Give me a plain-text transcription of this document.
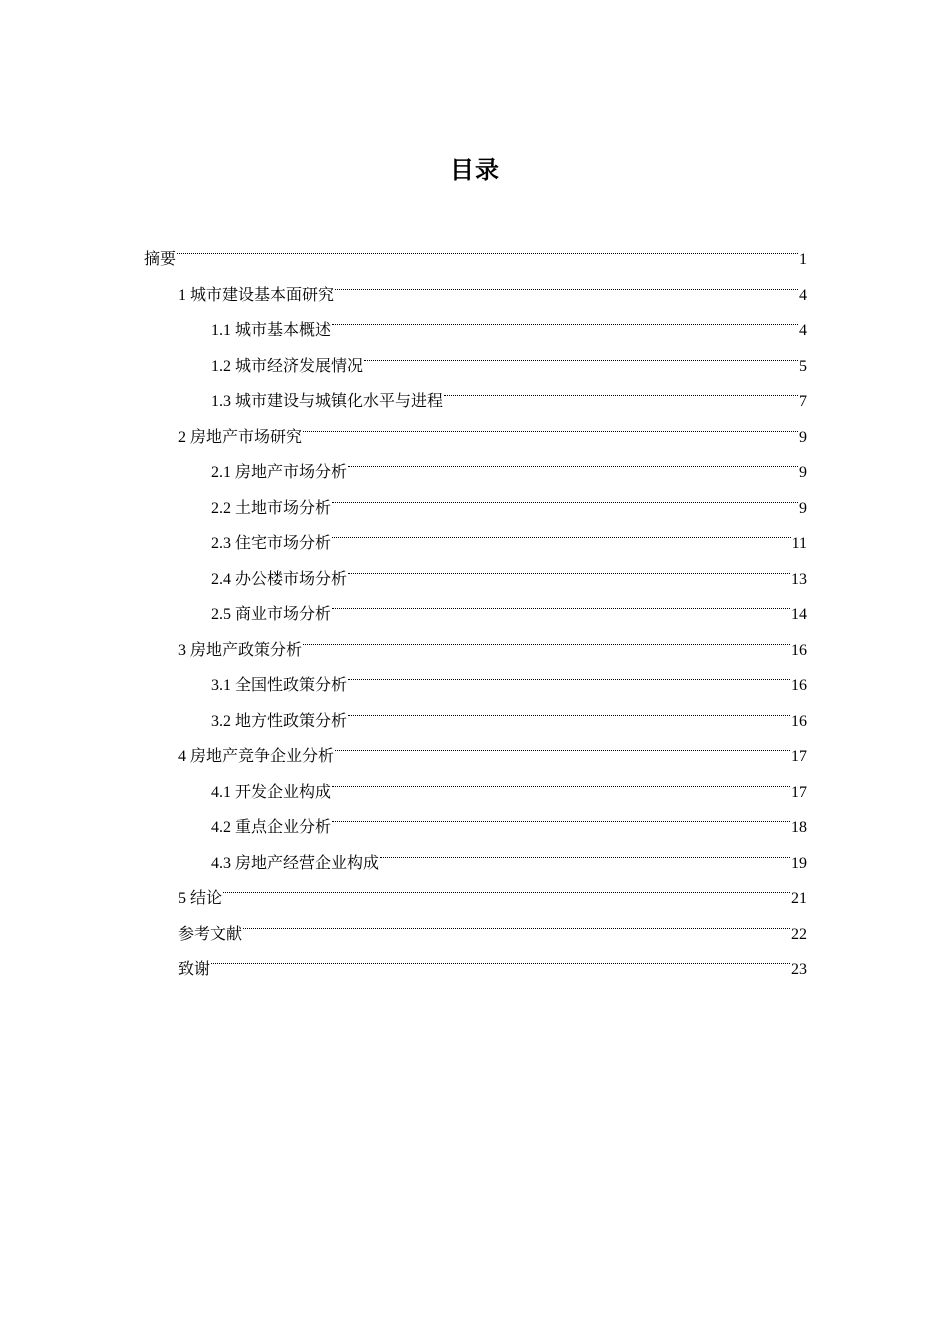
目录
摘要	1
1 城市建设基本面研究	4
1.1 城市基本概述	4
1.2 城市经济发展情况	5
1.3 城市建设与城镇化水平与进程	7
2 房地产市场研究	9
2.1 房地产市场分析	9
2.2 土地市场分析	9
2.3 住宅市场分析	11
2.4 办公楼市场分析	13
2.5 商业市场分析	14
3 房地产政策分析	16
3.1 全国性政策分析	16
3.2 地方性政策分析	16
4 房地产竞争企业分析	17
4.1 开发企业构成	17
4.2 重点企业分析	18
4.3 房地产经营企业构成	19
5 结论	21
参考文献	22
致谢	23
